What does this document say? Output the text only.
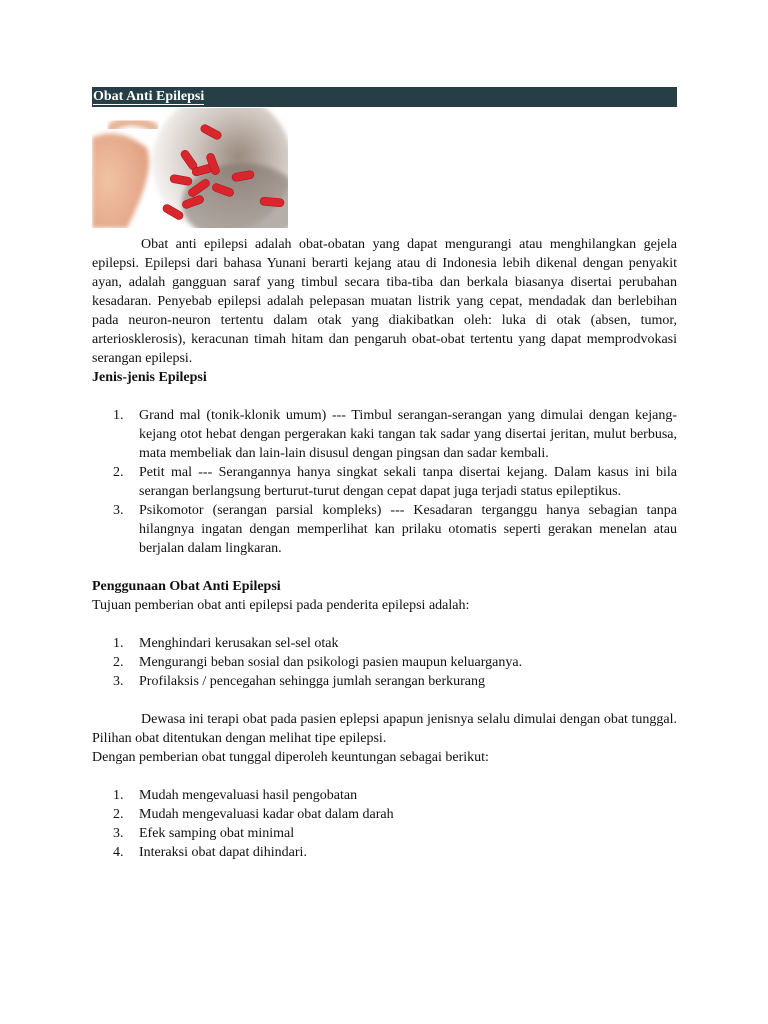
Obat Anti Epilepsi

Obat anti epilepsi adalah obat-obatan yang dapat mengurangi atau menghilangkan gejela epilepsi. Epilepsi dari bahasa Yunani berarti kejang atau di Indonesia lebih dikenal dengan penyakit ayan, adalah gangguan saraf yang timbul secara tiba-tiba dan berkala biasanya disertai perubahan kesadaran. Penyebab epilepsi adalah pelepasan muatan listrik yang cepat, mendadak dan berlebihan pada neuron-neuron tertentu dalam otak yang diakibatkan oleh: luka di otak (absen, tumor, arteriosklerosis), keracunan timah hitam dan pengaruh obat-obat tertentu yang dapat memprodvokasi serangan epilepsi.

Jenis-jenis Epilepsi

1. Grand mal (tonik-klonik umum) --- Timbul serangan-serangan yang dimulai dengan kejang-kejang otot hebat dengan pergerakan kaki tangan tak sadar yang disertai jeritan, mulut berbusa, mata membeliak dan lain-lain disusul dengan pingsan dan sadar kembali.
2. Petit mal --- Serangannya hanya singkat sekali tanpa disertai kejang. Dalam kasus ini bila serangan berlangsung berturut-turut dengan cepat dapat juga terjadi status epileptikus.
3. Psikomotor (serangan parsial kompleks) --- Kesadaran terganggu hanya sebagian tanpa hilangnya ingatan dengan memperlihat kan prilaku otomatis seperti gerakan menelan atau berjalan dalam lingkaran.

Penggunaan Obat Anti Epilepsi

Tujuan pemberian obat anti epilepsi pada penderita epilepsi adalah:

1. Menghindari kerusakan sel-sel otak
2. Mengurangi beban sosial dan psikologi pasien maupun keluarganya.
3. Profilaksis / pencegahan sehingga jumlah serangan berkurang

Dewasa ini terapi obat pada pasien eplepsi apapun jenisnya selalu dimulai dengan obat tunggal. Pilihan obat ditentukan dengan melihat tipe epilepsi.

Dengan pemberian obat tunggal diperoleh keuntungan sebagai berikut:

1. Mudah mengevaluasi hasil pengobatan
2. Mudah mengevaluasi kadar obat dalam darah
3. Efek samping obat minimal
4. Interaksi obat dapat dihindari.
